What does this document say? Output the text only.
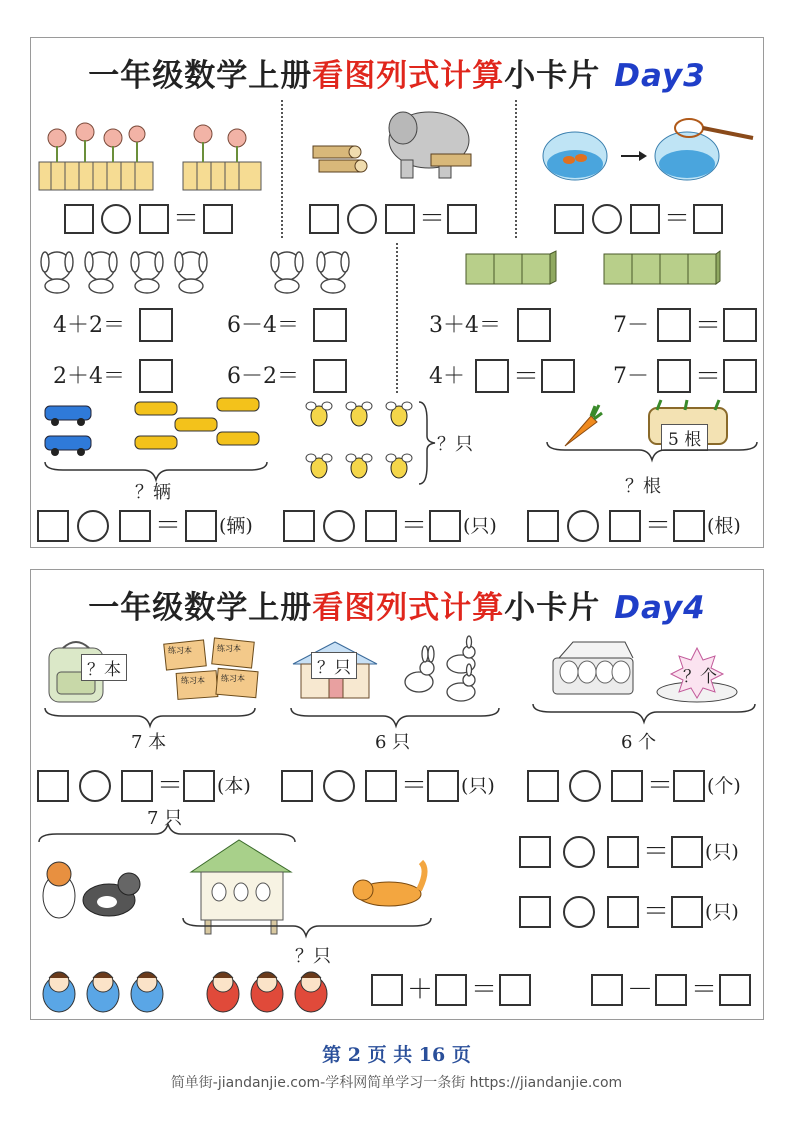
一年级数学上册看图列式计算小卡片 Day3
＝	＝	＝
4＋2＝	6－4＝	3＋4＝	7－ ＝
2＋4＝	6－2＝	4＋ ＝	7－ ＝
？辆
？只	5 根
？根
＝ (辆)	＝ (只)	＝ (根)
一年级数学上册看图列式计算小卡片 Day4
？本
练习本	练习本
练习本 练习本
7 本
？只
6 只
？个
6 个
＝ (本)	＝ (只)	＝ (个)
7 只
？只
＝ (只)
＝ (只)
＋ ＝	－ ＝
第 2 页 共 16 页
简单街-jiandanjie.com-学科网简单学习一条街 https://jiandanjie.com
